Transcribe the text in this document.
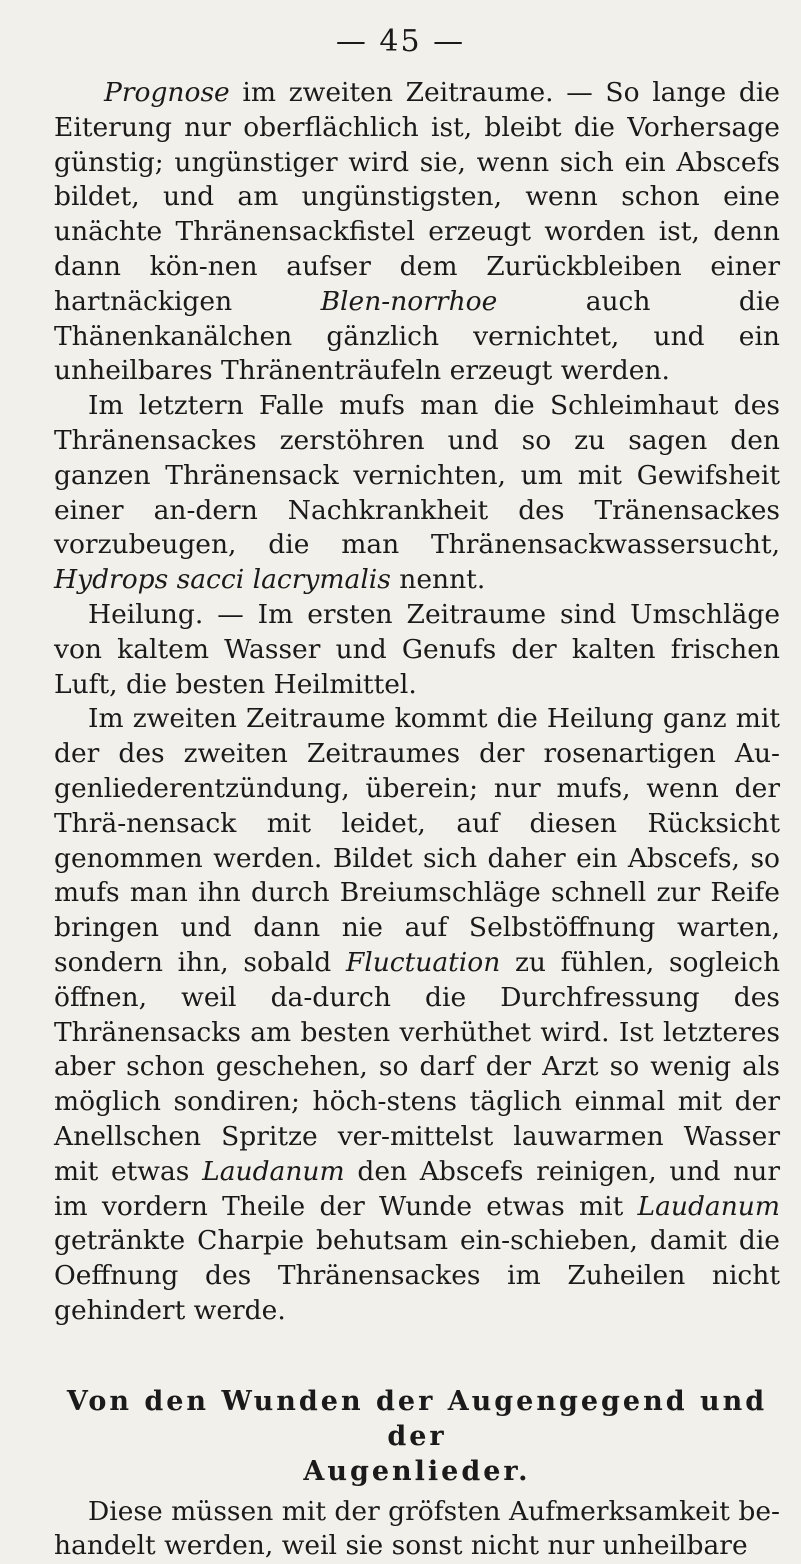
— 45 —

Prognose im zweiten Zeitraume. — So lange die Eiterung nur oberflächlich ist, bleibt die Vorhersage günstig; ungünstiger wird sie, wenn sich ein Abscefs bildet, und am ungünstigsten, wenn schon eine unächte Thränensackfistel erzeugt worden ist, denn dann kön-nen aufser dem Zurückbleiben einer hartnäckigen Blen-norrhoe auch die Thänenkanälchen gänzlich vernichtet, und ein unheilbares Thränenträufeln erzeugt werden.

Im letztern Falle mufs man die Schleimhaut des Thränensackes zerstöhren und so zu sagen den ganzen Thränensack vernichten, um mit Gewifsheit einer an-dern Nachkrankheit des Tränensackes vorzubeugen, die man Thränensackwassersucht, Hydrops sacci lacrymalis nennt.

Heilung. — Im ersten Zeitraume sind Umschläge von kaltem Wasser und Genufs der kalten frischen Luft, die besten Heilmittel.

Im zweiten Zeitraume kommt die Heilung ganz mit der des zweiten Zeitraumes der rosenartigen Au-genliederentzündung, überein; nur mufs, wenn der Thrä-nensack mit leidet, auf diesen Rücksicht genommen werden. Bildet sich daher ein Abscefs, so mufs man ihn durch Breiumschläge schnell zur Reife bringen und dann nie auf Selbstöffnung warten, sondern ihn, sobald Fluctuation zu fühlen, sogleich öffnen, weil da-durch die Durchfressung des Thränensacks am besten verhüthet wird. Ist letzteres aber schon geschehen, so darf der Arzt so wenig als möglich sondiren; höch-stens täglich einmal mit der Anellschen Spritze ver-mittelst lauwarmen Wasser mit etwas Laudanum den Abscefs reinigen, und nur im vordern Theile der Wunde etwas mit Laudanum getränkte Charpie behutsam ein-schieben, damit die Oeffnung des Thränensackes im Zuheilen nicht gehindert werde.

Von den Wunden der Augengegend und der
Augenlieder.

Diese müssen mit der gröfsten Aufmerksamkeit be-handelt werden, weil sie sonst nicht nur unheilbare
